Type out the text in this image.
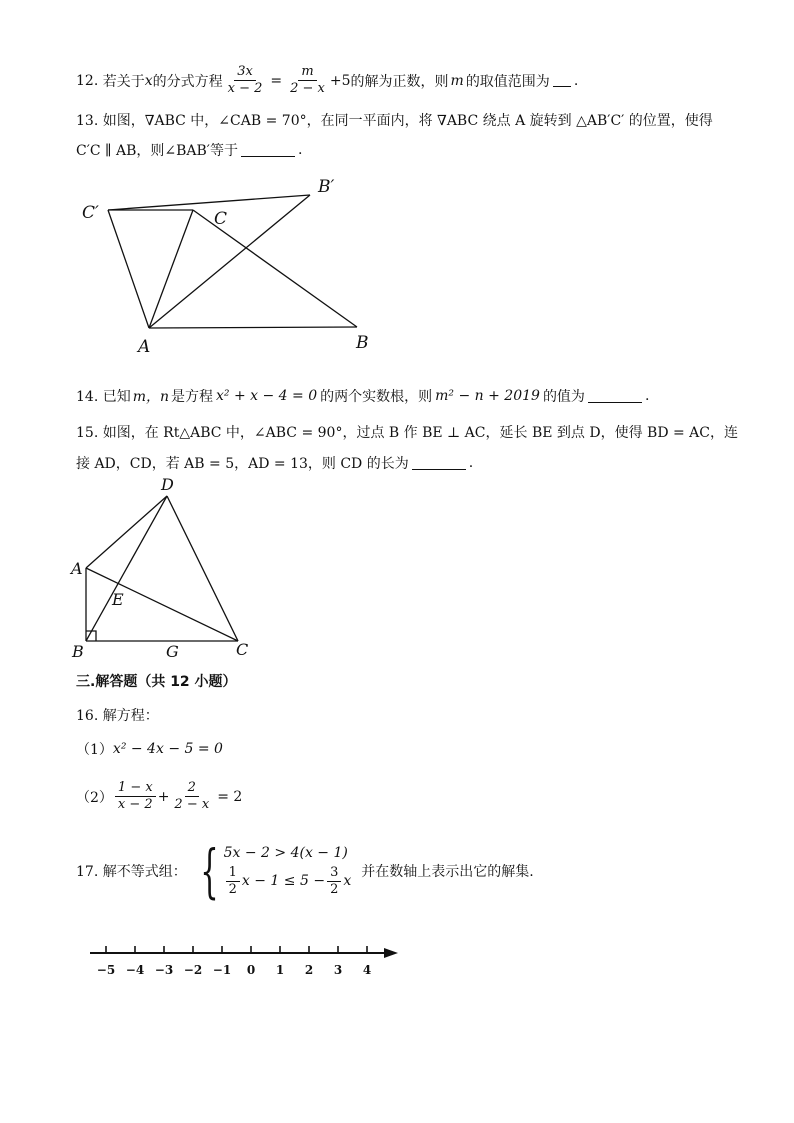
12.
若关于 x 的分式方程 $\frac{3x}{x - 2} = \frac{m}{2 - x} +5$ 的解为正数，则 m 的取值范围为 .
13. 如图，∇ABC 中，∠CAB = 70°，在同一平面内，将 ∇ABC 绕点 A 旋转到 △AB′C′ 的位置，使得
C′C ∥ AB，则∠BAB′等于	.
C′	C
B′
A	B
14. 已知 m，n 是方程 x² + x − 4 = 0 的两个实数根，则 m² − n + 2019 的值为	.
15. 如图，在 Rt△ABC 中，∠ABC = 90°，过点 B 作 BE ⊥ AC，延长 BE 到点 D，使得 BD = AC，连
接 AD，CD，若 AB = 5，AD = 13，则 CD 的长为	.
D
A
E
B	G	C
三.解答题（共 12 小题）
16. 解方程：
（1） x² − 4x − 5 = 0
$(2) \frac{1 - x}{x - 2} + \frac{2}{2 - x} = 2$
17. 解不等式组： { 5x − 2 > 4(x − 1)
$\frac{1}{2}$ $x - 1 \le 5 - \frac{3}{2}$ x
并在数轴上表示出它的解集.
−5 −4 −3 −2 −1 0 1 2 3 4
